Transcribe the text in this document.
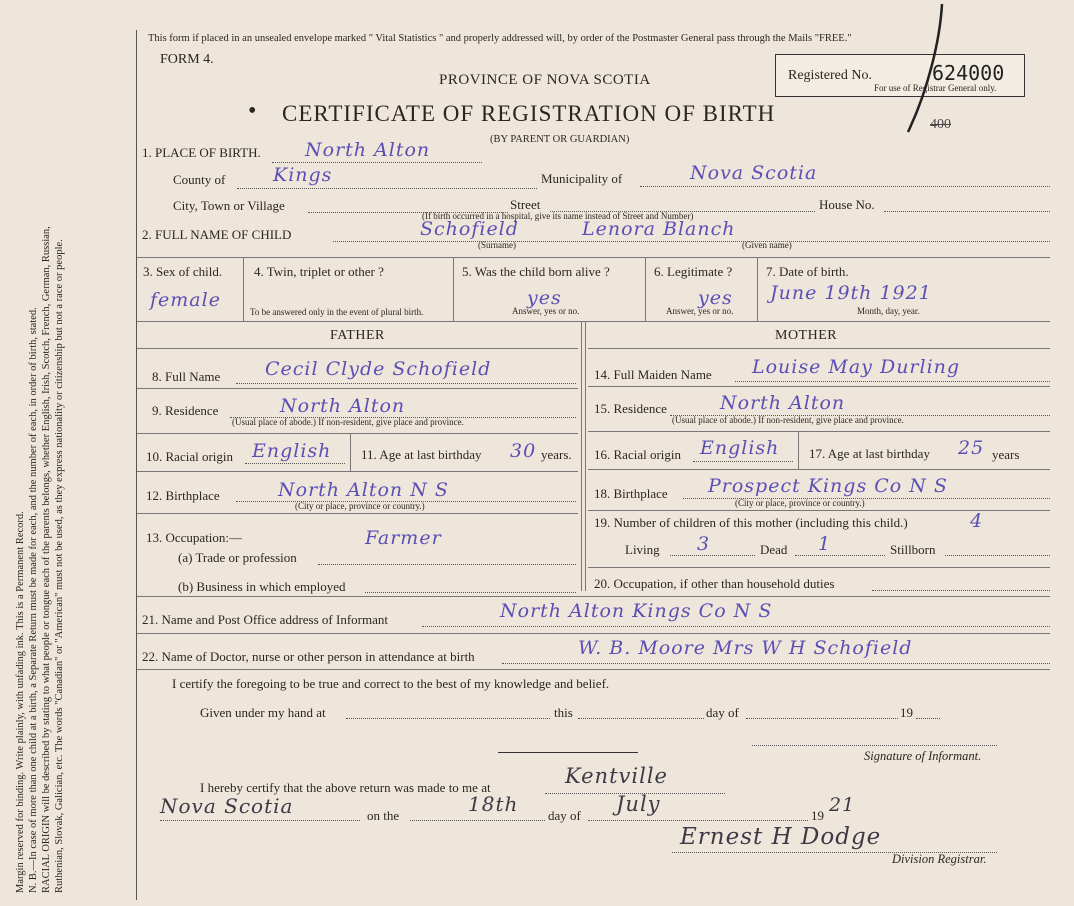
Margin reserved for binding. Write plainly, with unfading ink. This is a Permanent Record. N. B.—In case of more than one child at a birth, a Separate Return must be made for each, and the number of each, in order of birth, stated. RACIAL ORIGIN will be described by stating to what people or tongue each of the parents belongs, whether English, Irish, Scotch, French, German, Russian, Ruthenian, Slovak, Galician, etc. The words "Canadian" or "American" must not be used, as they express nationality or citizenship but not a race or people.
This form if placed in an unsealed envelope marked " Vital Statistics " and properly addressed will, by order of the Postmaster General pass through the Mails "FREE."
FORM 4.
PROVINCE OF NOVA SCOTIA
• CERTIFICATE OF REGISTRATION OF BIRTH
(BY PARENT OR GUARDIAN)
Registered No.	624000
For use of Registrar General only.
400
1. PLACE OF BIRTH. North Alton
County of	Kings	Municipality of	Nova Scotia
City, Town or Village	Street	House No.
(If birth occurred in a hospital, give its name instead of Street and Number)
2. FULL NAME OF CHILD	Schofield	Lenora Blanch
(Surname)	(Given name)
3. Sex of child.
female
4. Twin, triplet or other ?
To be answered only in the event of plural birth.
5. Was the child born alive ?
yes
Answer, yes or no.
6. Legitimate ?
yes
Answer, yes or no.
7. Date of birth.
June 19th 1921
Month, day, year.
FATHER	MOTHER
8. Full Name Cecil Clyde Schofield
9. Residence	North Alton
(Usual place of abode.) If non-resident, give place and province.
10. Racial origin English 11. Age at last birthday 30 years.
12. Birthplace	North Alton N S
(City or place, province or country.)
13. Occupation:—
(a) Trade or profession
Farmer
(b) Business in which employed
14. Full Maiden Name Louise May Durling
15. Residence	North Alton
(Usual place of abode.) If non-resident, give place and province.
16. Racial origin English 17. Age at last birthday 25 years
18. Birthplace Prospect Kings Co N S
(City or place, province or country.)
19. Number of children of this mother (including this child.)	4
Living 3	Dead 1	Stillborn
20. Occupation, if other than household duties
21. Name and Post Office address of Informant	North Alton Kings Co N S
22. Name of Doctor, nurse or other person in attendance at birth	W. B. Moore Mrs W H Schofield
I certify the foregoing to be true and correct to the best of my knowledge and belief.
Given under my hand at	this	day of	19
Signature of Informant.
I hereby certify that the above return was made to me at	Kentville
Nova Scotia	on the	18th day of July	19 21
Ernest H Dodge
Division Registrar.
